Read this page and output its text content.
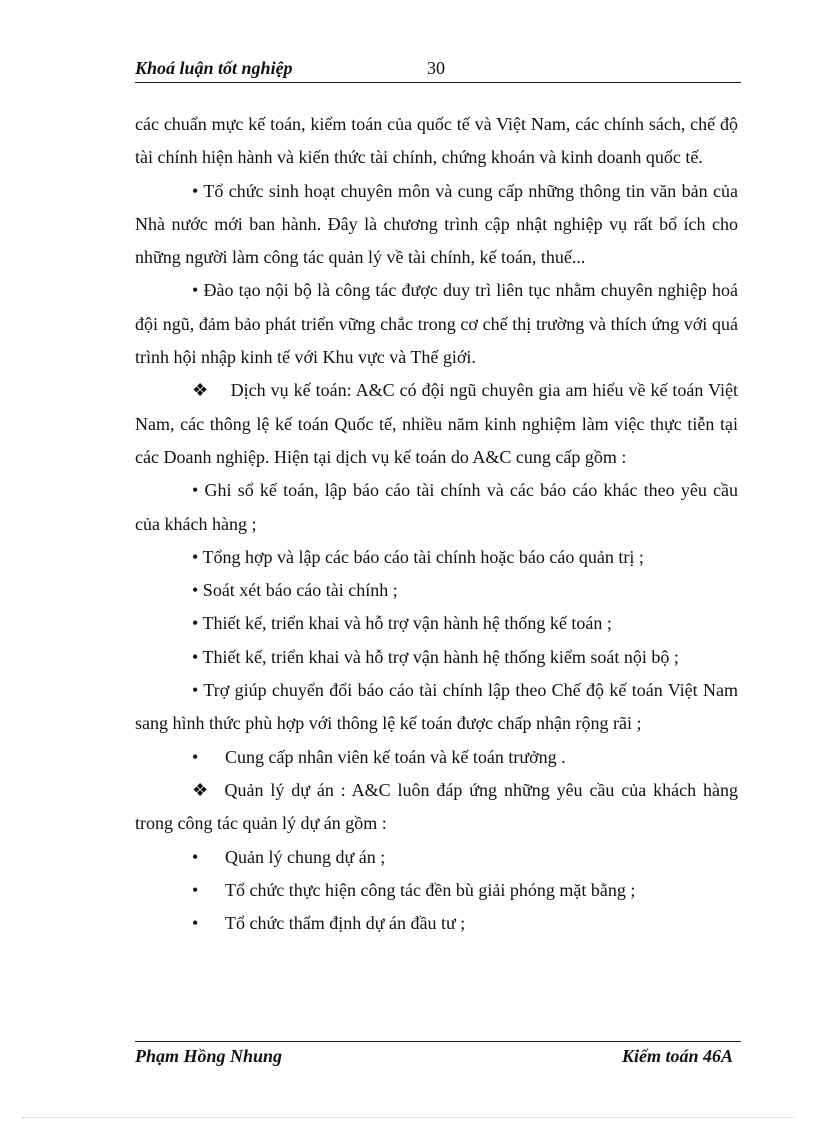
Khoá luận tốt nghiệp	30

các chuẩn mực kế toán, kiểm toán của quốc tế và Việt Nam, các chính sách, chế độ tài chính hiện hành và kiến thức tài chính, chứng khoán và kinh doanh quốc tế.

• Tổ chức sinh hoạt chuyên môn và cung cấp những thông tin văn bản của Nhà nước mới ban hành. Đây là chương trình cập nhật nghiệp vụ rất bổ ích cho những người làm công tác quản lý về tài chính, kế toán, thuế...

• Đào tạo nội bộ là công tác được duy trì liên tục nhằm chuyên nghiệp hoá đội ngũ, đảm bảo phát triển vững chắc trong cơ chế thị trường và thích ứng với quá trình hội nhập kinh tế với Khu vực và Thế giới.

❖ Dịch vụ kế toán: A&C có đội ngũ chuyên gia am hiểu về kế toán Việt Nam, các thông lệ kế toán Quốc tế, nhiều năm kinh nghiệm làm việc thực tiễn tại các Doanh nghiệp. Hiện tại dịch vụ kế toán do A&C cung cấp gồm :

• Ghi sổ kế toán, lập báo cáo tài chính và các báo cáo khác theo yêu cầu của khách hàng ;

• Tổng hợp và lập các báo cáo tài chính hoặc báo cáo quản trị ;

• Soát xét báo cáo tài chính ;

• Thiết kế, triển khai và hỗ trợ vận hành hệ thống kế toán ;

• Thiết kế, triển khai và hỗ trợ vận hành hệ thống kiểm soát nội bộ ;

• Trợ giúp chuyển đổi báo cáo tài chính lập theo Chế độ kế toán Việt Nam sang hình thức phù hợp với thông lệ kế toán được chấp nhận rộng rãi ;

• Cung cấp nhân viên kế toán và kế toán trưởng .

❖ Quản lý dự án : A&C luôn đáp ứng những yêu cầu của khách hàng trong công tác quản lý dự án gồm :

• Quản lý chung dự án ;

• Tổ chức thực hiện công tác đền bù giải phóng mặt bằng ;

• Tổ chức thẩm định dự án đầu tư ;

Phạm Hồng Nhung	Kiểm toán 46A
